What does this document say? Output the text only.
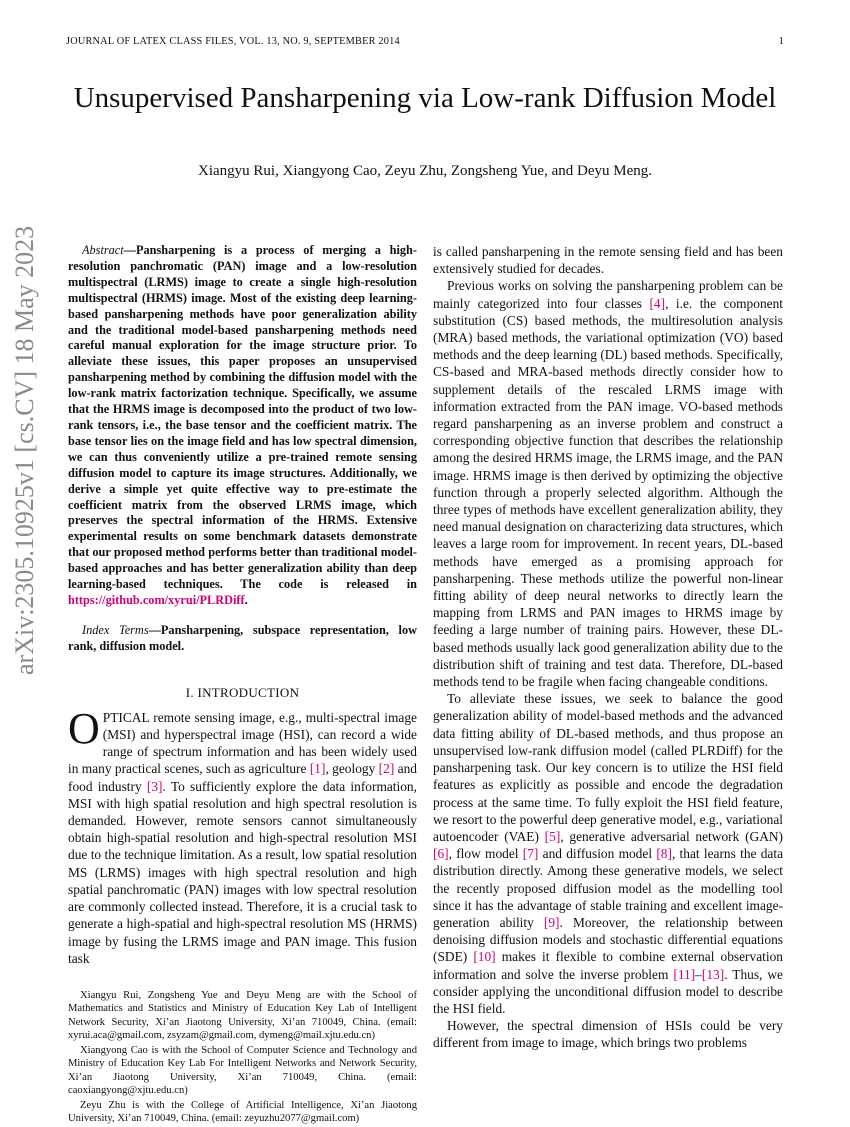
JOURNAL OF LATEX CLASS FILES, VOL. 13, NO. 9, SEPTEMBER 2014	1
arXiv:2305.10925v1 [cs.CV] 18 May 2023
Unsupervised Pansharpening via Low-rank Diffusion Model
Xiangyu Rui, Xiangyong Cao, Zeyu Zhu, Zongsheng Yue, and Deyu Meng.

Abstract—Pansharpening is a process of merging a high-resolution panchromatic (PAN) image and a low-resolution multispectral (LRMS) image to create a single high-resolution multispectral (HRMS) image. Most of the existing deep learning-based pansharpening methods have poor generalization ability and the traditional model-based pansharpening methods need careful manual exploration for the image structure prior. To alleviate these issues, this paper proposes an unsupervised pansharpening method by combining the diffusion model with the low-rank matrix factorization technique. Specifically, we assume that the HRMS image is decomposed into the product of two low-rank tensors, i.e., the base tensor and the coefficient matrix. The base tensor lies on the image field and has low spectral dimension, we can thus conveniently utilize a pre-trained remote sensing diffusion model to capture its image structures. Additionally, we derive a simple yet quite effective way to pre-estimate the coefficient matrix from the observed LRMS image, which preserves the spectral information of the HRMS. Extensive experimental results on some benchmark datasets demonstrate that our proposed method performs better than traditional model-based approaches and has better generalization ability than deep learning-based techniques. The code is released in https://github.com/xyrui/PLRDiff.

Index Terms—Pansharpening, subspace representation, low rank, diffusion model.

I. INTRODUCTION

OPTICAL remote sensing image, e.g., multi-spectral image (MSI) and hyperspectral image (HSI), can record a wide range of spectrum information and has been widely used in many practical scenes, such as agriculture [1], geology [2] and food industry [3]. To sufficiently explore the data information, MSI with high spatial resolution and high spectral resolution is demanded. However, remote sensors cannot simultaneously obtain high-spatial resolution and high-spectral resolution MSI due to the technique limitation. As a result, low spatial resolution MS (LRMS) images with high spectral resolution and high spatial panchromatic (PAN) images with low spectral resolution are commonly collected instead. Therefore, it is a crucial task to generate a high-spatial and high-spectral resolution MS (HRMS) image by fusing the LRMS image and PAN image. This fusion task

Xiangyu Rui, Zongsheng Yue and Deyu Meng are with the School of Mathematics and Statistics and Ministry of Education Key Lab of Intelligent Network Security, Xi’an Jiaotong University, Xi’an 710049, China. (email: xyrui.aca@gmail.com, zsyzam@gmail.com, dymeng@mail.xjtu.edu.cn)

Xiangyong Cao is with the School of Computer Science and Technology and Ministry of Education Key Lab For Intelligent Networks and Network Security, Xi’an Jiaotong University, Xi’an 710049, China. (email: caoxiangyong@xjtu.edu.cn)

Zeyu Zhu is with the College of Artificial Intelligence, Xi’an Jiaotong University, Xi’an 710049, China. (email: zeyuzhu2077@gmail.com)

is called pansharpening in the remote sensing field and has been extensively studied for decades.

Previous works on solving the pansharpening problem can be mainly categorized into four classes [4], i.e. the component substitution (CS) based methods, the multiresolution analysis (MRA) based methods, the variational optimization (VO) based methods and the deep learning (DL) based methods. Specifically, CS-based and MRA-based methods directly consider how to supplement details of the rescaled LRMS image with information extracted from the PAN image. VO-based methods regard pansharpening as an inverse problem and construct a corresponding objective function that describes the relationship among the desired HRMS image, the LRMS image, and the PAN image. HRMS image is then derived by optimizing the objective function through a properly selected algorithm. Although the three types of methods have excellent generalization ability, they need manual designation on characterizing data structures, which leaves a large room for improvement. In recent years, DL-based methods have emerged as a promising approach for pansharpening. These methods utilize the powerful non-linear fitting ability of deep neural networks to directly learn the mapping from LRMS and PAN images to HRMS image by feeding a large number of training pairs. However, these DL-based methods usually lack good generalization ability due to the distribution shift of training and test data. Therefore, DL-based methods tend to be fragile when facing changeable conditions.

To alleviate these issues, we seek to balance the good generalization ability of model-based methods and the advanced data fitting ability of DL-based methods, and thus propose an unsupervised low-rank diffusion model (called PLRDiff) for the pansharpening task. Our key concern is to utilize the HSI field features as explicitly as possible and encode the degradation process at the same time. To fully exploit the HSI field feature, we resort to the powerful deep generative model, e.g., variational autoencoder (VAE) [5], generative adversarial network (GAN) [6], flow model [7] and diffusion model [8], that learns the data distribution directly. Among these generative models, we select the recently proposed diffusion model as the modelling tool since it has the advantage of stable training and excellent image-generation ability [9]. Moreover, the relationship between denoising diffusion models and stochastic differential equations (SDE) [10] makes it flexible to combine external observation information and solve the inverse problem [11]–[13]. Thus, we consider applying the unconditional diffusion model to describe the HSI field.

However, the spectral dimension of HSIs could be very different from image to image, which brings two problems
